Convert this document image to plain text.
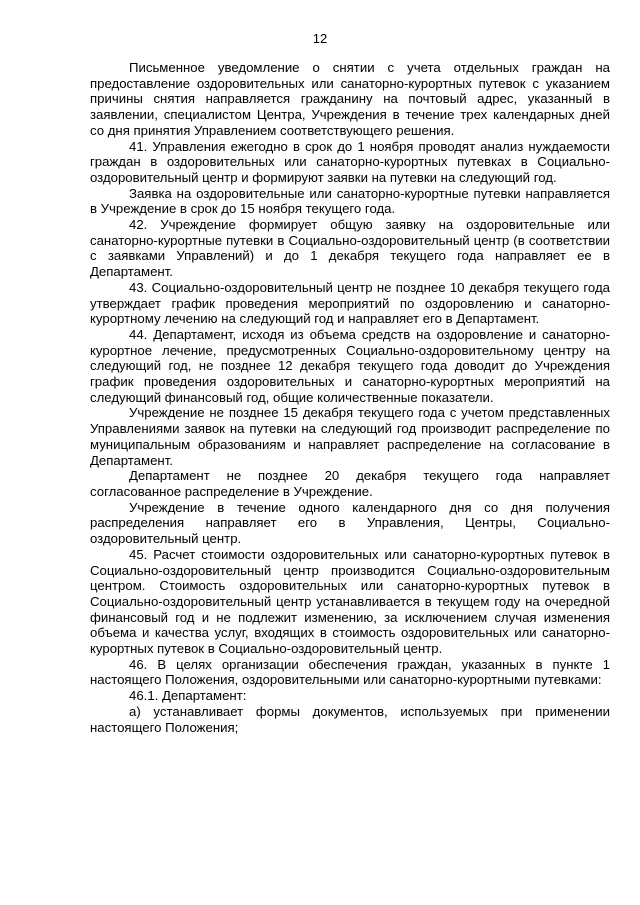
12

Письменное уведомление о снятии с учета отдельных граждан на предоставление оздоровительных или санаторно-курортных путевок с указанием причины снятия направляется гражданину на почтовый адрес, указанный в заявлении, специалистом Центра, Учреждения в течение трех календарных дней со дня принятия Управлением соответствующего решения.

41. Управления ежегодно в срок до 1 ноября проводят анализ нуждаемости граждан в оздоровительных или санаторно-курортных путевках в Социально-оздоровительный центр и формируют заявки на путевки на следующий год.

Заявка на оздоровительные или санаторно-курортные путевки направляется в Учреждение в срок до 15 ноября текущего года.

42. Учреждение формирует общую заявку на оздоровительные или санаторно-курортные путевки в Социально-оздоровительный центр (в соответствии с заявками Управлений) и до 1 декабря текущего года направляет ее в Департамент.

43. Социально-оздоровительный центр не позднее 10 декабря текущего года утверждает график проведения мероприятий по оздоровлению и санаторно-курортному лечению на следующий год и направляет его в Департамент.

44. Департамент, исходя из объема средств на оздоровление и санаторно-курортное лечение, предусмотренных Социально-оздоровительному центру на следующий год, не позднее 12 декабря текущего года доводит до Учреждения график проведения оздоровительных и санаторно-курортных мероприятий на следующий финансовый год, общие количественные показатели.

Учреждение не позднее 15 декабря текущего года с учетом представленных Управлениями заявок на путевки на следующий год производит распределение по муниципальным образованиям и направляет распределение на согласование в Департамент.

Департамент не позднее 20 декабря текущего года направляет согласованное распределение в Учреждение.

Учреждение в течение одного календарного дня со дня получения распределения направляет его в Управления, Центры, Социально-оздоровительный центр.

45. Расчет стоимости оздоровительных или санаторно-курортных путевок в Социально-оздоровительный центр производится Социально-оздоровительным центром. Стоимость оздоровительных или санаторно-курортных путевок в Социально-оздоровительный центр устанавливается в текущем году на очередной финансовый год и не подлежит изменению, за исключением случая изменения объема и качества услуг, входящих в стоимость оздоровительных или санаторно-курортных путевок в Социально-оздоровительный центр.

46. В целях организации обеспечения граждан, указанных в пункте 1 настоящего Положения, оздоровительными или санаторно-курортными путевками:

46.1. Департамент:

а) устанавливает формы документов, используемых при применении настоящего Положения;
